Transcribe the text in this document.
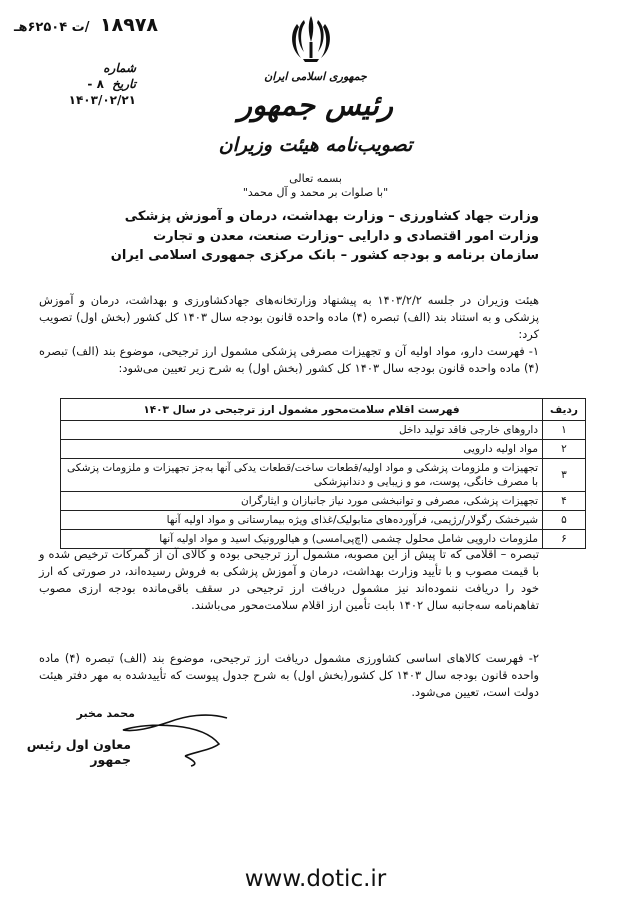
۱۸۹۷۸ /ت ۶۲۵۰۴هـ
شماره
تاریخ ۸ - ۱۴۰۳/۰۲/۲۱
جمهوری اسلامی ایران
رئیس جمهور
تصویب‌نامه هیئت وزیران
بسمه تعالی
"با صلوات بر محمد و آل محمد"
وزارت جهاد کشاورزی – وزارت بهداشت، درمان و آموزش پزشکی
وزارت امور اقتصادی و دارایی –وزارت صنعت، معدن و تجارت
سازمان برنامه و بودجه کشور – بانک مرکزی جمهوری اسلامی ایران
هیئت وزیران در جلسه ۱۴۰۳/۲/۲ به پیشنهاد وزارتخانه‌های جهادکشاورزی و بهداشت، درمان و آموزش پزشکی و به استناد بند (الف) تبصره (۴) ماده واحده قانون بودجه سال ۱۴۰۳ کل کشور (بخش اول) تصویب کرد:
۱- فهرست دارو، مواد اولیه آن و تجهیزات مصرفی پزشکی مشمول ارز ترجیحی، موضوع بند (الف) تبصره (۴) ماده واحده قانون بودجه سال ۱۴۰۳ کل کشور (بخش اول) به شرح زیر تعیین می‌شود:
ردیف	فهرست اقلام سلامت‌محور مشمول ارز ترجیحی در سال ۱۴۰۳
۱	داروهای خارجی فاقد تولید داخل
۲	مواد اولیه دارویی
۳	تجهیزات و ملزومات پزشکی و مواد اولیه/قطعات ساخت/قطعات یدکی آنها به‌جز تجهیزات و ملزومات پزشکی با مصرف خانگی، پوست، مو و زیبایی و دندانپزشکی
۴	تجهیزات پزشکی، مصرفی و توانبخشی مورد نیاز جانبازان و ایثارگران
۵	شیرخشک رگولار/رژیمی، فرآورده‌های متابولیک/غذای ویژه بیمارستانی و مواد اولیه آنها
۶	ملزومات دارویی شامل محلول چشمی (اچ‌پی‌امسی) و هیالورونیک اسید و مواد اولیه آنها
تبصره – اقلامی که تا پیش از این مصوبه، مشمول ارز ترجیحی بوده و کالای آن از گمرکات ترخیص شده و با قیمت مصوب و با تأیید وزارت بهداشت، درمان و آموزش پزشکی به فروش رسیده‌اند، در صورتی که ارز خود را دریافت ننموده‌اند نیز مشمول دریافت ارز ترجیحی در سقف باقی‌مانده بودجه ارزی مصوب تفاهم‌نامه سه‌جانبه سال ۱۴۰۲ بابت تأمین ارز اقلام سلامت‌محور می‌باشند.
۲- فهرست کالاهای اساسی کشاورزی مشمول دریافت ارز ترجیحی، موضوع بند (الف) تبصره (۴) ماده واحده قانون بودجه سال ۱۴۰۳ کل کشور(بخش اول) به شرح جدول پیوست که تأییدشده به مهر دفتر هیئت دولت است، تعیین می‌شود.
محمد مخبر
معاون اول رئیس جمهور
www.dotic.ir
